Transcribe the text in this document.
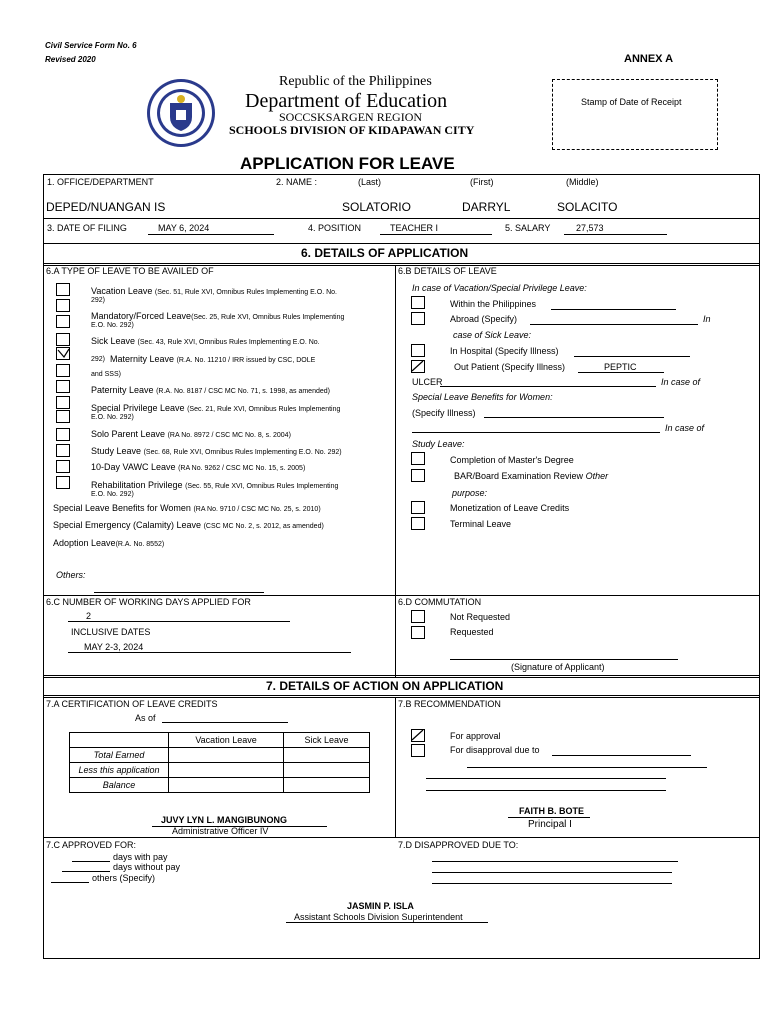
Civil Service Form No. 6
Revised 2020	ANNEX A
Stamp of Date of Receipt
Republic of the Philippines
Department of Education
SOCCSKSARGEN REGION
SCHOOLS DIVISION OF KIDAPAWAN CITY
APPLICATION FOR LEAVE
1. OFFICE/DEPARTMENT	2. NAME :	(Last)	(First)	(Middle)
DEPED/NUANGAN IS	SOLATORIO	DARRYL	SOLACITO
3. DATE OF FILING	MAY 6, 2024	4. POSITION	TEACHER I	5. SALARY	27,573
6. DETAILS OF APPLICATION
6.A TYPE OF LEAVE TO BE AVAILED OF
Vacation Leave (Sec. 51, Rule XVI, Omnibus Rules Implementing E.O. No.
292)
Mandatory/Forced Leave(Sec. 25, Rule XVI, Omnibus Rules Implementing
E.O. No. 292)
Sick Leave (Sec. 43, Rule XVI, Omnibus Rules Implementing E.O. No.
292) Maternity Leave (R.A. No. 11210 / IRR issued by CSC, DOLE
and SSS)
Paternity Leave (R.A. No. 8187 / CSC MC No. 71, s. 1998, as amended)
Special Privilege Leave (Sec. 21, Rule XVI, Omnibus Rules Implementing
E.O. No. 292)
Solo Parent Leave (RA No. 8972 / CSC MC No. 8, s. 2004)
Study Leave (Sec. 68, Rule XVI, Omnibus Rules Implementing E.O. No. 292)
10-Day VAWC Leave (RA No. 9262 / CSC MC No. 15, s. 2005)
Rehabilitation Privilege (Sec. 55, Rule XVI, Omnibus Rules Implementing
E.O. No. 292)
Special Leave Benefits for Women (RA No. 9710 / CSC MC No. 25, s. 2010)
Special Emergency (Calamity) Leave (CSC MC No. 2, s. 2012, as amended)
Adoption Leave(R.A. No. 8552)
Others:
6.B DETAILS OF LEAVE
In case of Vacation/Special Privilege Leave:
Within the Philippines
Abroad (Specify)	In
case of Sick Leave:
In Hospital (Specify Illness)
Out Patient (Specify Illness)	PEPTIC
ULCER	In case of
Special Leave Benefits for Women:
(Specify Illness)
In case of
Study Leave:
Completion of Master's Degree
BAR/Board Examination Review Other
purpose:
Monetization of Leave Credits
Terminal Leave
6.C NUMBER OF WORKING DAYS APPLIED FOR
2
INCLUSIVE DATES
MAY 2-3, 2024
6.D COMMUTATION
Not Requested
Requested
(Signature of Applicant)
7. DETAILS OF ACTION ON APPLICATION
7.A CERTIFICATION OF LEAVE CREDITS
As of
	Vacation Leave	Sick Leave
Total Earned		
Less this application		
Balance		
JUVY LYN L. MANGIBUNONG
Administrative Officer IV
7.B RECOMMENDATION
For approval
For disapproval due to
FAITH B. BOTE
Principal I
7.C APPROVED FOR:
days with pay
days without pay
others (Specify)
7.D DISAPPROVED DUE TO:
JASMIN P. ISLA
Assistant Schools Division Superintendent
